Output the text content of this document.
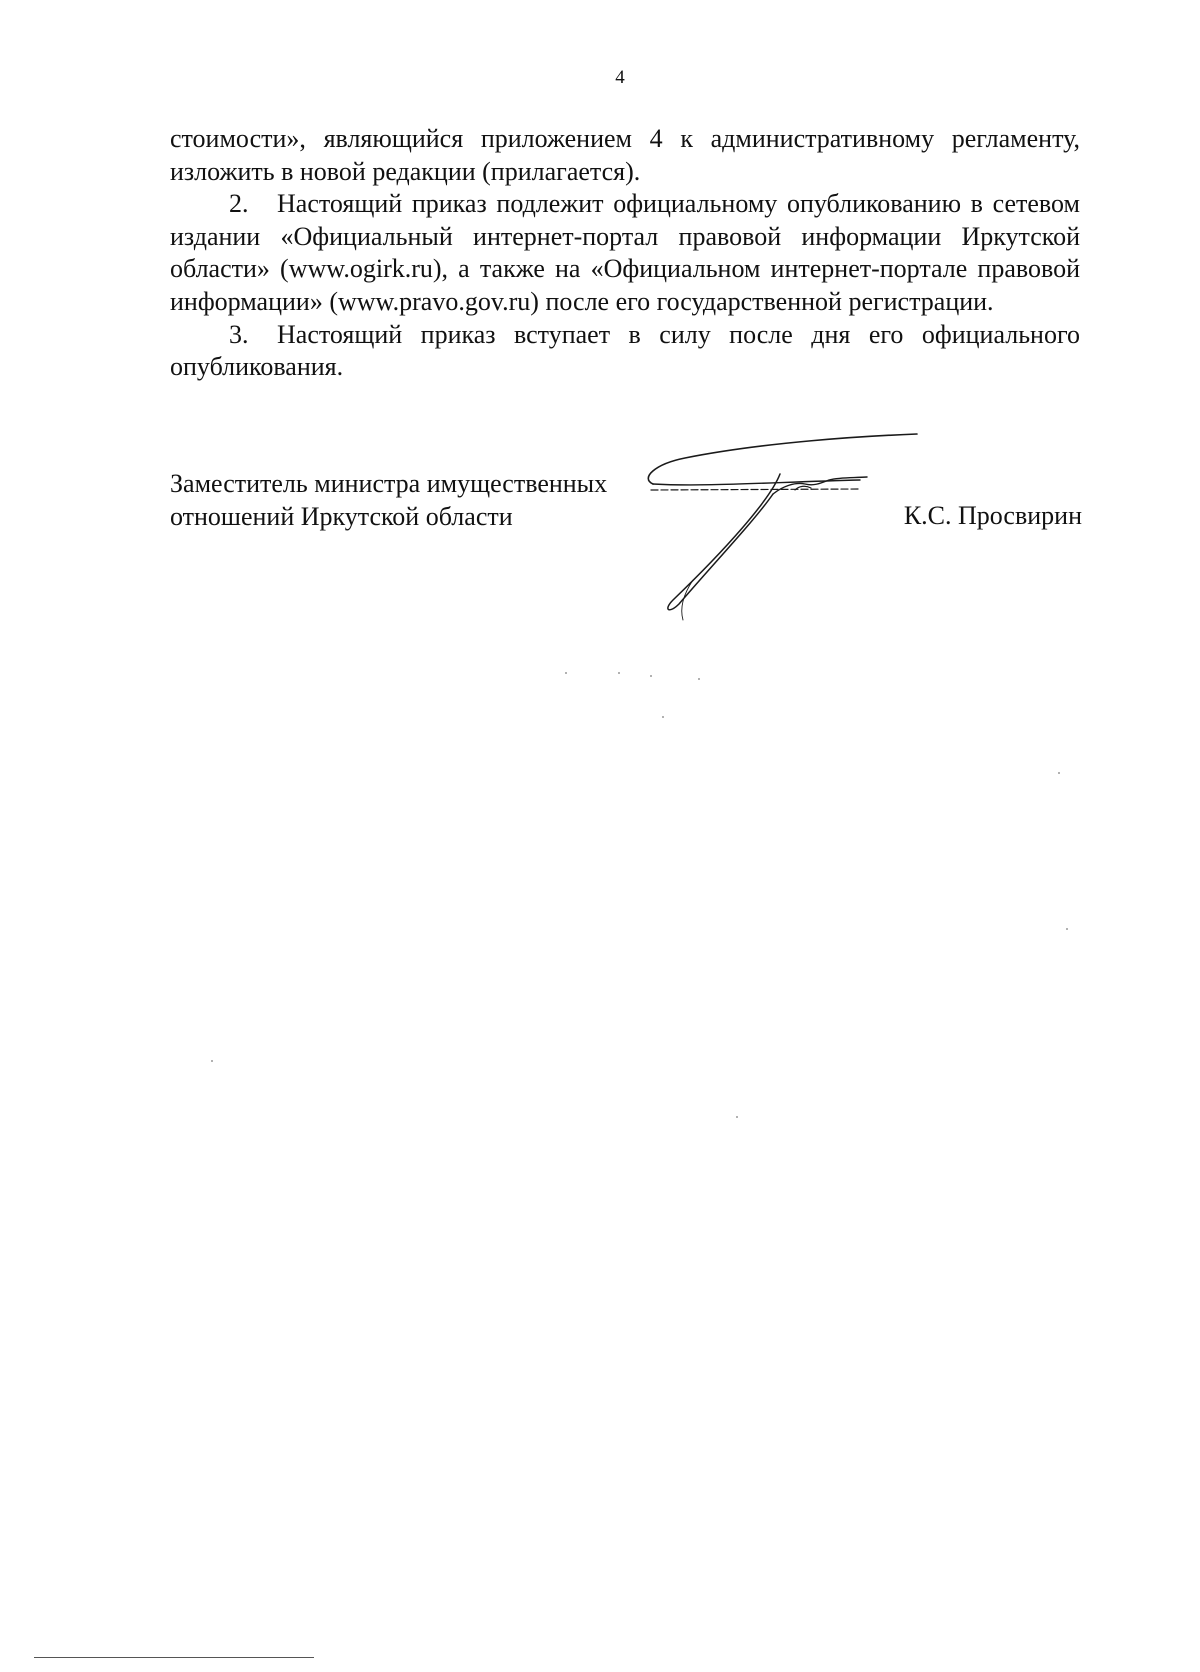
4

стоимости», являющийся приложением 4 к административному регламенту, изложить в новой редакции (прилагается).

2. Настоящий приказ подлежит официальному опубликованию в сетевом издании «Официальный интернет-портал правовой информации Иркутской области» (www.ogirk.ru), а также на «Официальном интернет-портале правовой информации» (www.pravo.gov.ru) после его государственной регистрации.

3. Настоящий приказ вступает в силу после дня его официального опубликования.

Заместитель министра имущественных
отношений Иркутской области	К.С. Просвирин
